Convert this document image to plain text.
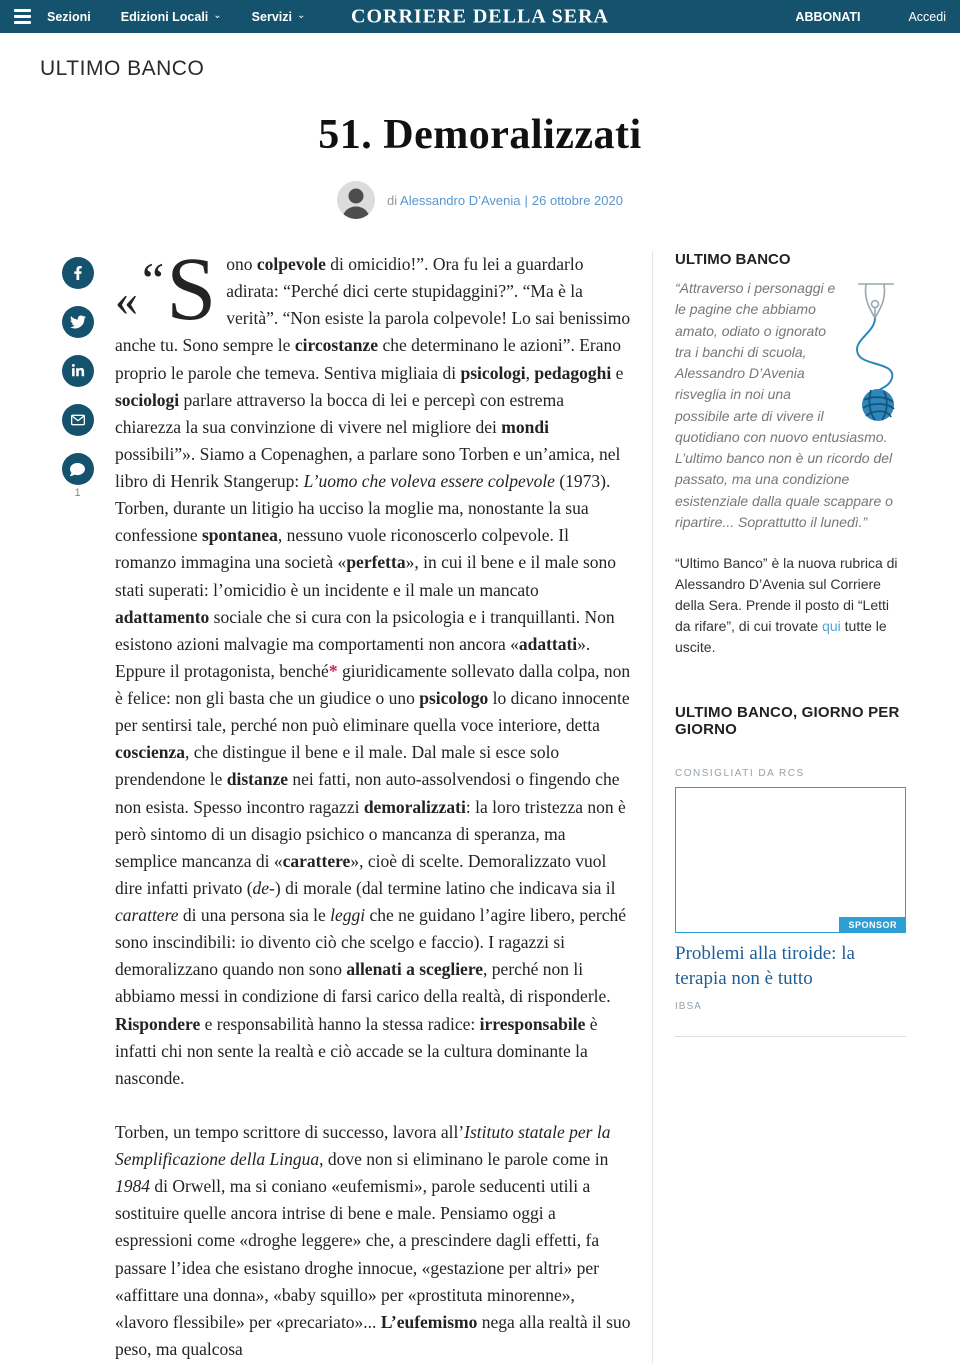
Sezioni Edizioni Locali ⌄ Servizi ⌄ CORRIERE DELLA SERA	ABBONATI	Accedi
ULTIMO BANCO
51. Demoralizzati
di Alessandro D’Avenia | 26 ottobre 2020
1

« “ S ono colpevole di omicidio!”. Ora fu lei a guardarlo adirata: “Perché dici certe stupidaggini?”. “Ma è la verità”. “Non esiste la parola colpevole! Lo sai benissimo anche tu. Sono sempre le circostanze che determinano le azioni”. Erano proprio le parole che temeva. Sentiva migliaia di psicologi, pedagoghi e sociologi parlare attraverso la bocca di lei e percepì con estrema chiarezza la sua convinzione di vivere nel migliore dei mondi possibili”». Siamo a Copenaghen, a parlare sono Torben e un’amica, nel libro di Henrik Stangerup: L’uomo che voleva essere colpevole (1973). Torben, durante un litigio ha ucciso la moglie ma, nonostante la sua confessione spontanea, nessuno vuole riconoscerlo colpevole. Il romanzo immagina una società «perfetta», in cui il bene e il male sono stati superati: l’omicidio è un incidente e il male un mancato adattamento sociale che si cura con la psicologia e i tranquillanti. Non esistono azioni malvagie ma comportamenti non ancora «adattati». Eppure il protagonista, benché* giuridicamente sollevato dalla colpa, non è felice: non gli basta che un giudice o uno psicologo lo dicano innocente per sentirsi tale, perché non può eliminare quella voce interiore, detta coscienza, che distingue il bene e il male. Dal male si esce solo prendendone le distanze nei fatti, non auto-assolvendosi o fingendo che non esista. Spesso incontro ragazzi demoralizzati: la loro tristezza non è però sintomo di un disagio psichico o mancanza di speranza, ma semplice mancanza di «carattere», cioè di scelte. Demoralizzato vuol dire infatti privato (de-) di morale (dal termine latino che indicava sia il carattere di una persona sia le leggi che ne guidano l’agire libero, perché sono inscindibili: io divento ciò che scelgo e faccio). I ragazzi si demoralizzano quando non sono allenati a scegliere, perché non li abbiamo messi in condizione di farsi carico della realtà, di risponderle. Rispondere e responsabilità hanno la stessa radice: irresponsabile è infatti chi non sente la realtà e ciò accade se la cultura dominante la nasconde.

Torben, un tempo scrittore di successo, lavora all’Istituto statale per la Semplificazione della Lingua, dove non si eliminano le parole come in 1984 di Orwell, ma si coniano «eufemismi», parole seducenti utili a sostituire quelle ancora intrise di bene e male. Pensiamo oggi a espressioni come «droghe leggere» che, a prescindere dagli effetti, fa passare l’idea che esistano droghe innocue, «gestazione per altri» per «affittare una donna», «baby squillo» per «prostituta minorenne», «lavoro flessibile» per «precariato»... L’eufemismo nega alla realtà il suo peso, ma qualcosa

ULTIMO BANCO

“Attraverso i personaggi e le pagine che abbiamo amato, odiato o ignorato tra i banchi di scuola, Alessandro D’Avenia risveglia in noi una possibile arte di vivere il quotidiano con nuovo entusiasmo. L’ultimo banco non è un ricordo del passato, ma una condizione esistenziale dalla quale scappare o ripartire... Soprattutto il lunedì.”

“Ultimo Banco” è la nuova rubrica di Alessandro D’Avenia sul Corriere della Sera. Prende il posto di “Letti da rifare”, di cui trovate qui tutte le uscite.

ULTIMO BANCO, GIORNO PER GIORNO
CONSIGLIATI DA RCS
SPONSOR
Problemi alla tiroide: la terapia non è tutto
IBSA
